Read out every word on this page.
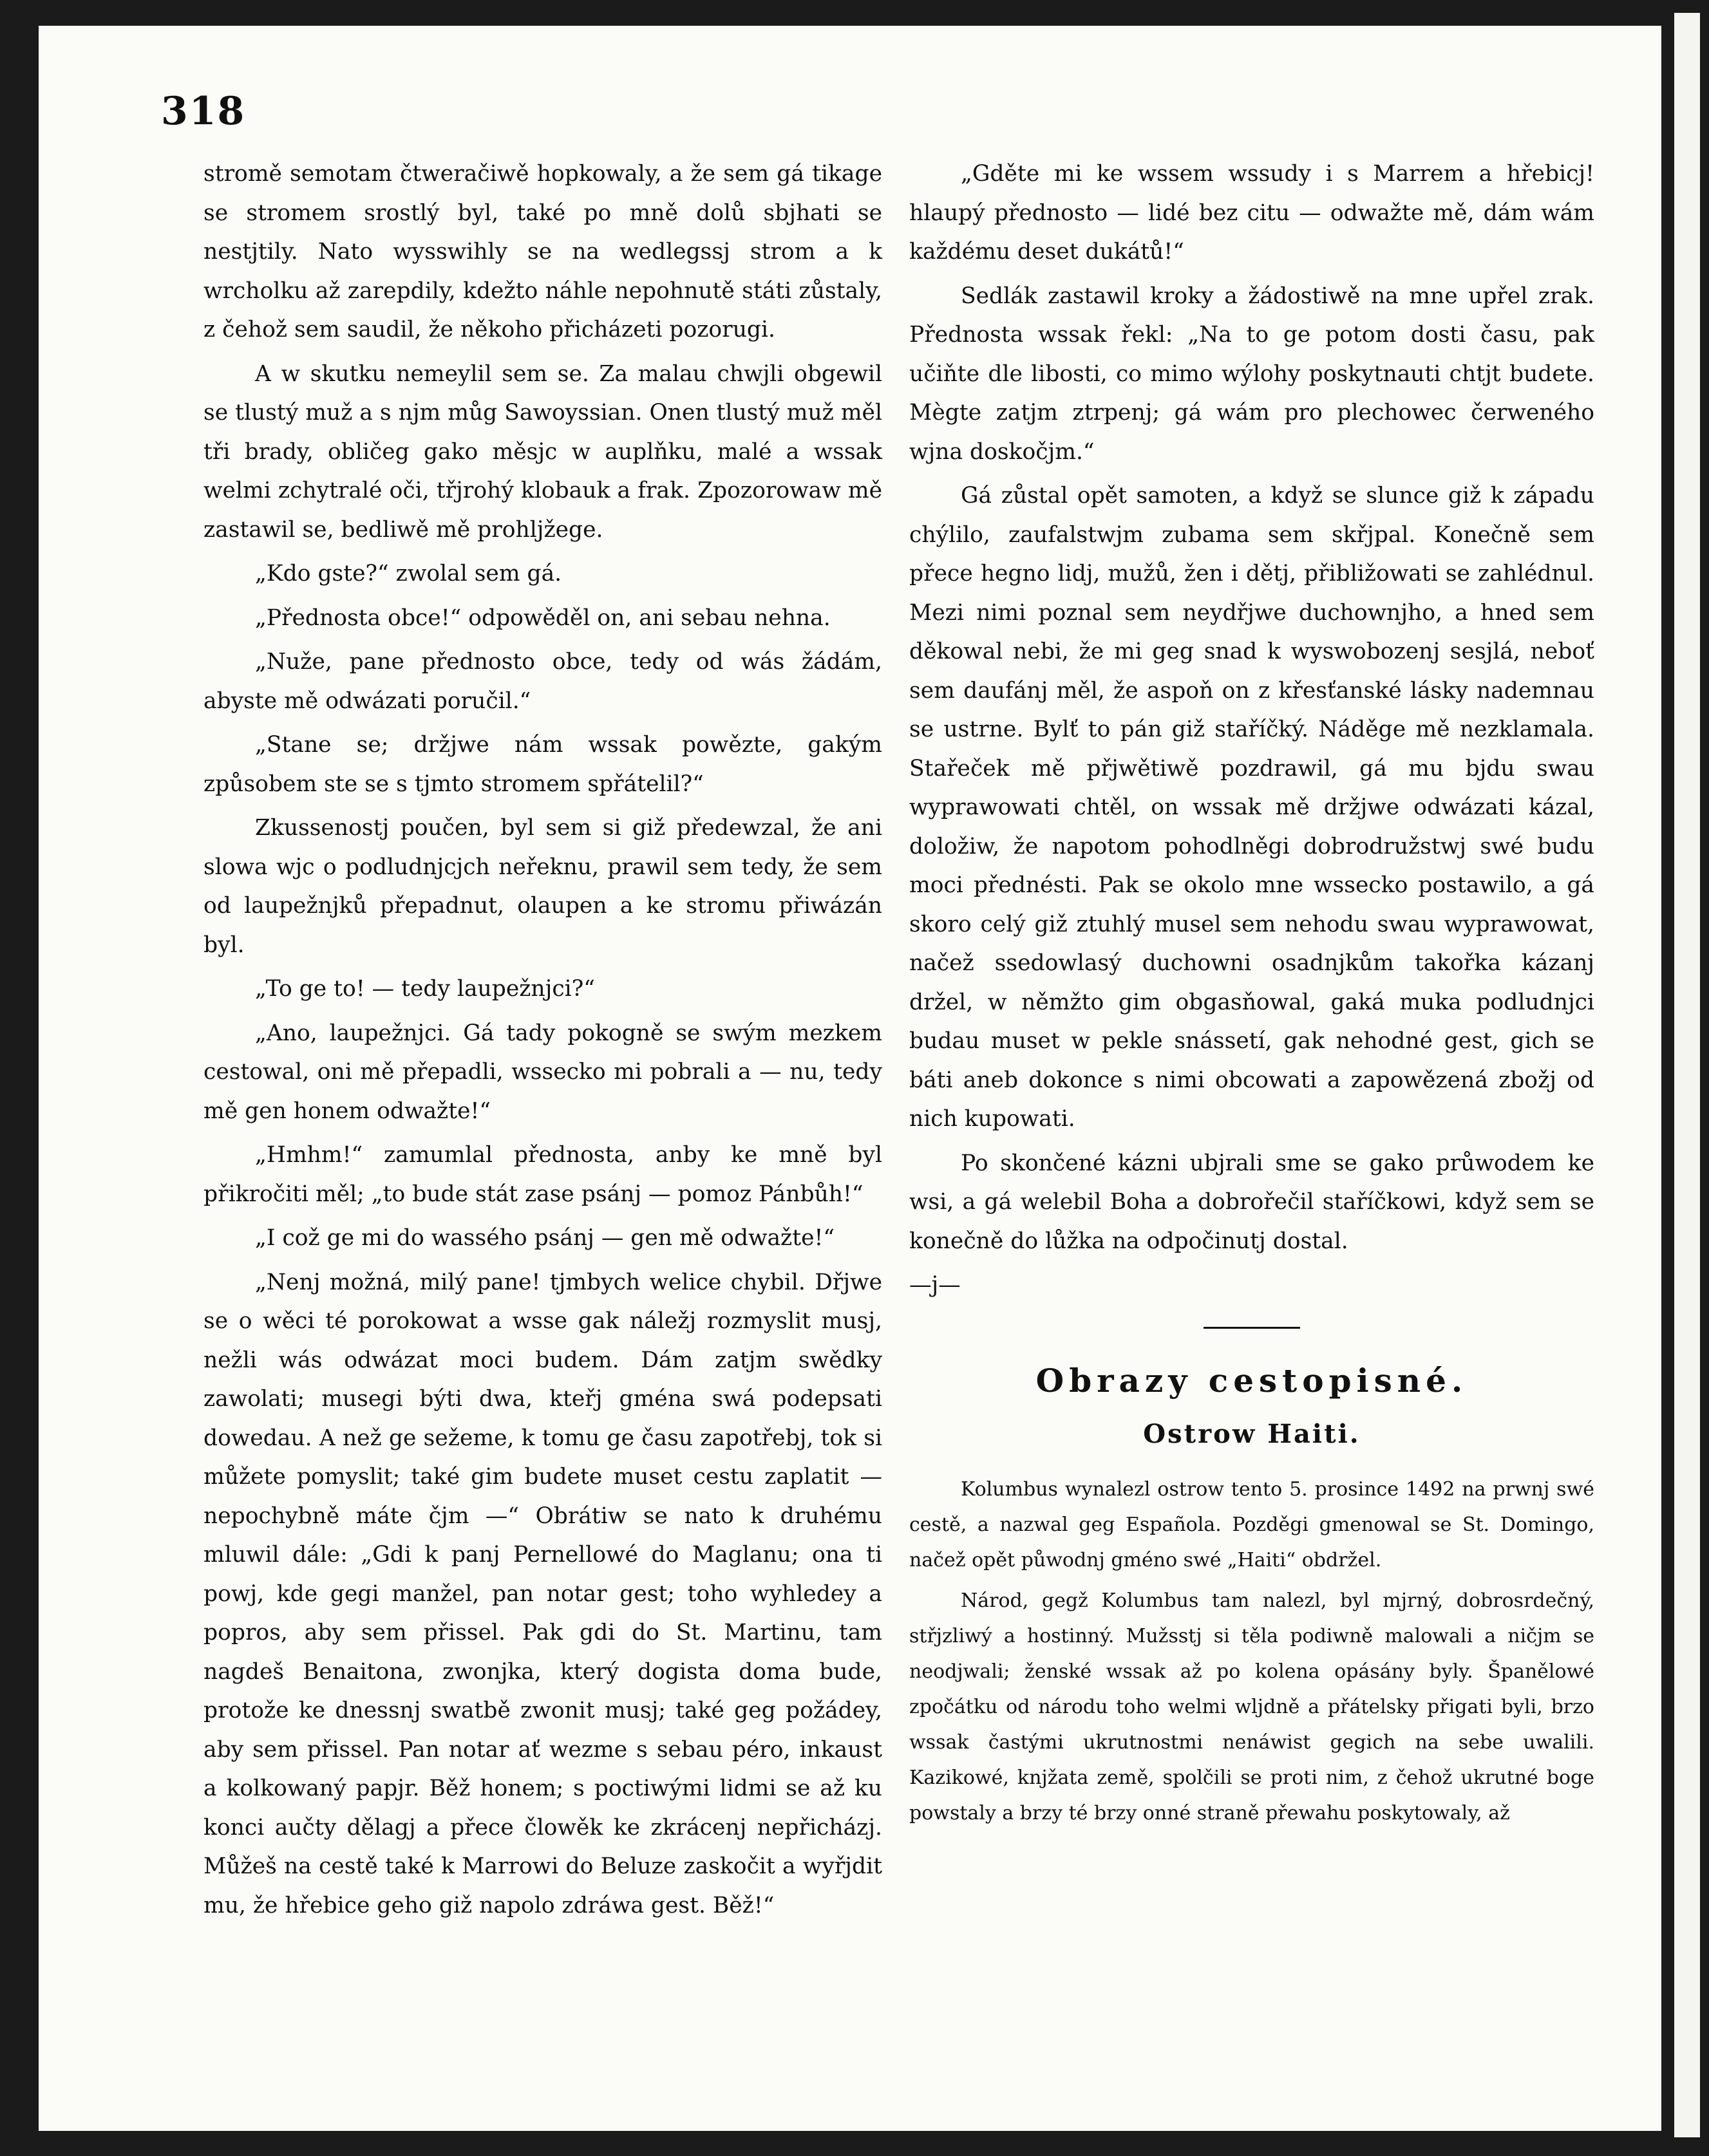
318

stromě semotam čtweračiwě hopkowaly, a že sem gá tikage se stromem srostlý byl, také po mně dolů sbjhati se nestjtily. Nato wysswihly se na wedlegssj strom a k wrcholku až zarepdily, kdežto náhle nepohnutě státi zůstaly, z čehož sem saudil, že někoho přicházeti pozorugi.

A w skutku nemeylil sem se. Za malau chwjli obgewil se tlustý muž a s njm můg Sawoyssian. Onen tlustý muž měl tři brady, obličeg gako měsjc w auplňku, malé a wssak welmi zchytralé oči, třjrohý klobauk a frak. Zpozorowaw mě zastawil se, bedliwě mě prohljžege.

„Kdo gste?“ zwolal sem gá.

„Přednosta obce!“ odpowěděl on, ani sebau nehna.

„Nuže, pane přednosto obce, tedy od wás žádám, abyste mě odwázati poručil.“

„Stane se; držjwe nám wssak powězte, gakým způsobem ste se s tjmto stromem spřátelil?“

Zkussenostj poučen, byl sem si giž předewzal, že ani slowa wjc o podludnjcjch neřeknu, prawil sem tedy, že sem od laupežnjků přepadnut, olaupen a ke stromu přiwázán byl.

„To ge to! — tedy laupežnjci?“

„Ano, laupežnjci. Gá tady pokogně se swým mezkem cestowal, oni mě přepadli, wssecko mi pobrali a — nu, tedy mě gen honem odwažte!“

„Hmhm!“ zamumlal přednosta, anby ke mně byl přikročiti měl; „to bude stát zase psánj — pomoz Pánbůh!“

„I což ge mi do wassého psánj — gen mě odwažte!“

„Nenj možná, milý pane! tjmbych welice chybil. Dřjwe se o wěci té porokowat a wsse gak náležj rozmyslit musj, nežli wás odwázat moci budem. Dám zatjm swědky zawolati; musegi býti dwa, kteřj gména swá podepsati dowedau. A než ge sežeme, k tomu ge času zapotřebj, tok si můžete pomyslit; také gim budete muset cestu zaplatit — nepochybně máte čjm —“ Obrátiw se nato k druhému mluwil dále: „Gdi k panj Pernellowé do Maglanu; ona ti powj, kde gegi manžel, pan notar gest; toho wyhledey a popros, aby sem přissel. Pak gdi do St. Martinu, tam nagdeš Benaitona, zwonjka, který dogista doma bude, protože ke dnessnj swatbě zwonit musj; také geg požádey, aby sem přissel. Pan notar ať wezme s sebau péro, inkaust a kolkowaný papjr. Běž honem; s poctiwými lidmi se až ku konci aučty dělagj a přece člowěk ke zkrácenj nepřicházj. Můžeš na cestě také k Marrowi do Beluze zaskočit a wyřjdit mu, že hřebice geho giž napolo zdráwa gest. Běž!“

„Gděte mi ke wssem wssudy i s Marrem a hřebicj! hlaupý přednosto — lidé bez citu — odwažte mě, dám wám každému deset dukátů!“

Sedlák zastawil kroky a žádostiwě na mne upřel zrak. Přednosta wssak řekl: „Na to ge potom dosti času, pak učiňte dle libosti, co mimo wýlohy poskytnauti chtjt budete. Mègte zatjm ztrpenj; gá wám pro plechowec čerweného wjna doskočjm.“

Gá zůstal opět samoten, a když se slunce giž k západu chýlilo, zaufalstwjm zubama sem skřjpal. Konečně sem přece hegno lidj, mužů, žen i dětj, přibližowati se zahlédnul. Mezi nimi poznal sem neydřjwe duchownjho, a hned sem děkowal nebi, že mi geg snad k wyswobozenj sesjlá, neboť sem daufánj měl, že aspoň on z křesťanské lásky nademnau se ustrne. Bylť to pán giž staříčký. Náděge mě nezklamala. Stařeček mě přjwětiwě pozdrawil, gá mu bjdu swau wyprawowati chtěl, on wssak mě držjwe odwázati kázal, doložiw, že napotom pohodlněgi dobrodružstwj swé budu moci přednésti. Pak se okolo mne wssecko postawilo, a gá skoro celý giž ztuhlý musel sem nehodu swau wyprawowat, načež ssedowlasý duchowni osadnjkům takořka kázanj držel, w němžto gim obgasňowal, gaká muka podludnjci budau muset w pekle snássetí, gak nehodné gest, gich se báti aneb dokonce s nimi obcowati a zapowězená zbožj od nich kupowati.

Po skončené kázni ubjrali sme se gako průwodem ke wsi, a gá welebil Boha a dobrořečil staříčkowi, když sem se konečně do lůžka na odpočinutj dostal.

—j—

Obrazy cestopisné.
Ostrow Haiti.

Kolumbus wynalezl ostrow tento 5. prosince 1492 na prwnj swé cestě, a nazwal geg Española. Pozděgi gmenowal se St. Domingo, načež opět půwodnj gméno swé „Haiti“ obdržel.

Národ, gegž Kolumbus tam nalezl, byl mjrný, dobrosrdečný, střjzliwý a hostinný. Mužsstj si těla podiwně malowali a ničjm se neodjwali; ženské wssak až po kolena opásány byly. Španělowé zpočátku od národu toho welmi wljdně a přátelsky přigati byli, brzo wssak častými ukrutnostmi nenáwist gegich na sebe uwalili. Kazikowé, knjžata země, spolčili se proti nim, z čehož ukrutné boge powstaly a brzy té brzy onné straně přewahu poskytowaly, až
